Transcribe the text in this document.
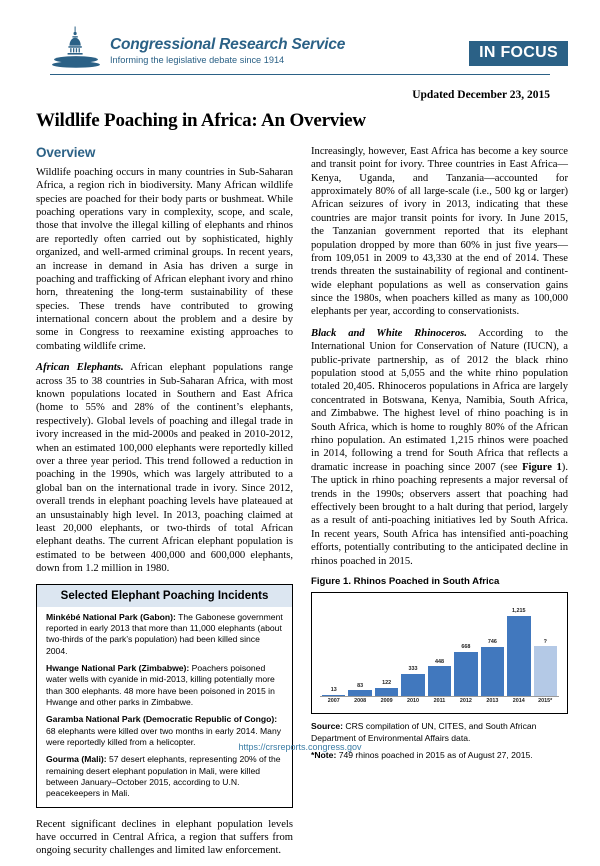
Congressional Research Service
Informing the legislative debate since 1914	IN FOCUS
Updated December 23, 2015
Wildlife Poaching in Africa: An Overview
Overview

Wildlife poaching occurs in many countries in Sub-Saharan Africa, a region rich in biodiversity. Many African wildlife species are poached for their body parts or bushmeat. While poaching operations vary in complexity, scope, and scale, those that involve the illegal killing of elephants and rhinos are reportedly often carried out by sophisticated, highly organized, and well-armed criminal groups. In recent years, an increase in demand in Asia has driven a surge in poaching and trafficking of African elephant ivory and rhino horn, threatening the long-term sustainability of these species. These trends have contributed to growing international concern about the problem and a desire by some in Congress to reexamine existing approaches to combating wildlife crime.

African Elephants. African elephant populations range across 35 to 38 countries in Sub-Saharan Africa, with most known populations located in Southern and East Africa (home to 55% and 28% of the continent’s elephants, respectively). Global levels of poaching and illegal trade in ivory increased in the mid-2000s and peaked in 2010-2012, when an estimated 100,000 elephants were reportedly killed over a three year period. This trend followed a reduction in poaching in the 1990s, which was largely attributed to a global ban on the international trade in ivory. Since 2012, overall trends in elephant poaching levels have plateaued at an unsustainably high level. In 2013, poaching claimed at least 20,000 elephants, or two-thirds of total African elephant deaths. The current African elephant population is estimated to be between 400,000 and 600,000 elephants, down from 1.2 million in 1980.

Selected Elephant Poaching Incidents
Minkébé National Park (Gabon): The Gabonese government reported in early 2013 that more than 11,000 elephants (about two-thirds of the park’s population) had been killed since 2004.
Hwange National Park (Zimbabwe): Poachers poisoned water wells with cyanide in mid-2013, killing potentially more than 300 elephants. 48 more have been poisoned in 2015 in Hwange and other parks in Zimbabwe.
Garamba National Park (Democratic Republic of Congo): 68 elephants were killed over two months in early 2014. Many were reportedly killed from a helicopter.
Gourma (Mali): 57 desert elephants, representing 20% of the remaining desert elephant population in Mali, were killed between January–October 2015, according to U.N. peacekeepers in Mali.

Recent significant declines in elephant population levels have occurred in Central Africa, a region that suffers from ongoing security challenges and limited law enforcement.

Increasingly, however, East Africa has become a key source and transit point for ivory. Three countries in East Africa—Kenya, Uganda, and Tanzania—accounted for approximately 80% of all large-scale (i.e., 500 kg or larger) African seizures of ivory in 2013, indicating that these countries are major transit points for ivory. In June 2015, the Tanzanian government reported that its elephant population dropped by more than 60% in just five years—from 109,051 in 2009 to 43,330 at the end of 2014. These trends threaten the sustainability of regional and continent-wide elephant populations as well as conservation gains since the 1980s, when poachers killed as many as 100,000 elephants per year, according to conservationists.

Black and White Rhinoceros. According to the International Union for Conservation of Nature (IUCN), a public-private partnership, as of 2012 the black rhino population stood at 5,055 and the white rhino population totaled 20,405. Rhinoceros populations in Africa are largely concentrated in Botswana, Kenya, Namibia, South Africa, and Zimbabwe. The highest level of rhino poaching is in South Africa, which is home to roughly 80% of the African rhino population. An estimated 1,215 rhinos were poached in 2014, following a trend for South Africa that reflects a dramatic increase in poaching since 2007 (see Figure 1). The uptick in rhino poaching represents a major reversal of trends in the 1990s; observers assert that poaching had effectively been brought to a halt during that period, largely as a result of anti-poaching initiatives led by South Africa. In recent years, South Africa has intensified anti-poaching efforts, potentially contributing to the anticipated decline in rhinos poached in 2015.

Figure 1. Rhinos Poached in South Africa
13
83	122
333
448
668
746
1,215
?
2007	2008	2009	2010	2011	2012	2013	2014	2015*
Source: CRS compilation of UN, CITES, and South African Department of Environmental Affairs data.
*Note: 749 rhinos poached in 2015 as of August 27, 2015.
https://crsreports.congress.gov
